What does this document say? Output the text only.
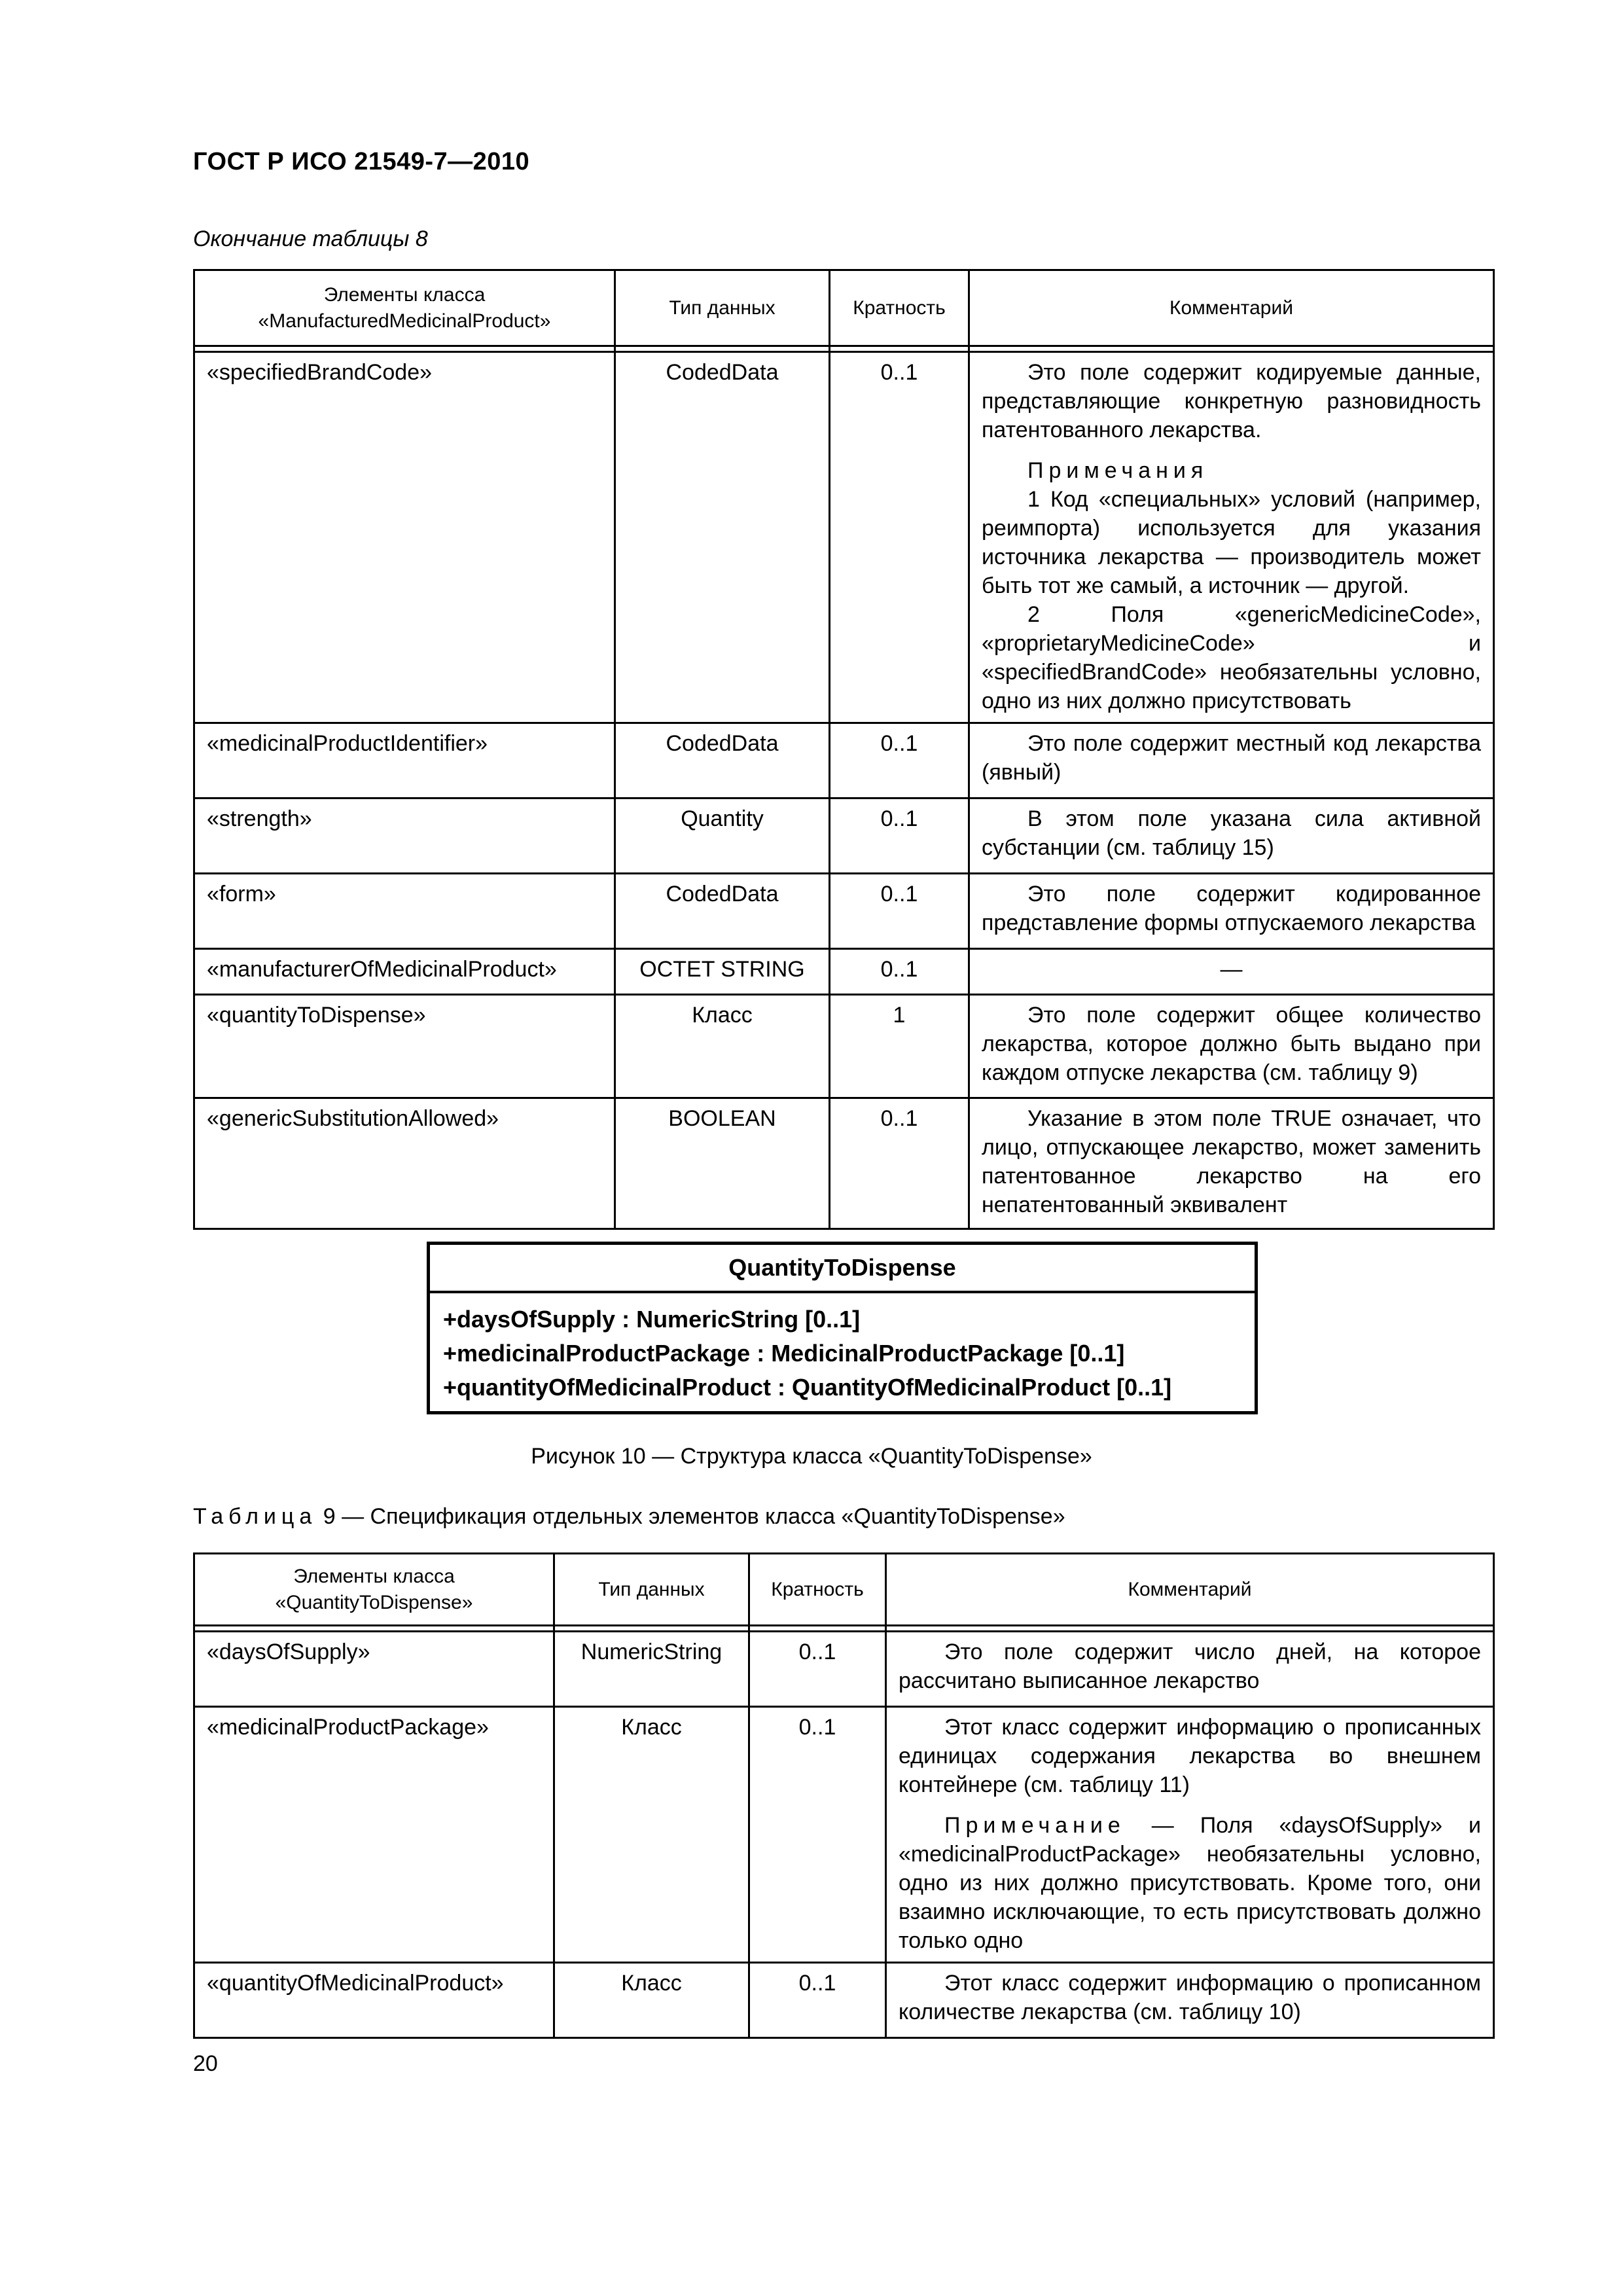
ГОСТ Р ИСО 21549-7—2010
Окончание таблицы 8
Элементы класса
«ManufacturedMedicinalProduct»	Тип данных	Кратность	Комментарий

«specifiedBrandCode»	CodedData	0..1	Это поле содержит кодируемые данные, представляющие конкретную разновидность патентованного лекарства.

Примечания

1 Код «специальных» условий (например, реимпорта) используется для указания источника лекарства — производитель может быть тот же самый, а источник — другой.

2 Поля «genericMedicineCode», «proprietaryMedicineCode» и «specifiedBrandCode» необязательны условно, одно из них должно присутствовать

«medicinalProductIdentifier»	CodedData	0..1	Это поле содержит местный код лекарства (явный)

«strength»	Quantity	0..1	В этом поле указана сила активной субстанции (см. таблицу 15)

«form»	CodedData	0..1	Это поле содержит кодированное представление формы отпускаемого лекарства

«manufacturerOfMedicinalProduct»	OCTET STRING	0..1	—
«quantityToDispense»	Класс	1	Это поле содержит общее количество лекарства, которое должно быть выдано при каждом отпуске лекарства (см. таблицу 9)

«genericSubstitutionAllowed»	BOOLEAN	0..1	Указание в этом поле TRUE означает, что лицо, отпускающее лекарство, может заменить патентованное лекарство на его непатентованный эквивалент

QuantityToDispense
+daysOfSupply : NumericString [0..1]
+medicinalProductPackage : MedicinalProductPackage [0..1]
+quantityOfMedicinalProduct : QuantityOfMedicinalProduct [0..1]
Рисунок 10 — Структура класса «QuantityToDispense»
Таблица 9 — Спецификация отдельных элементов класса «QuantityToDispense»
Элементы класса
«QuantityToDispense»	Тип данных	Кратность	Комментарий

«daysOfSupply»	NumericString	0..1	Это поле содержит число дней, на которое рассчитано выписанное лекарство

«medicinalProductPackage»	Класс	0..1	Этот класс содержит информацию о прописанных единицах содержания лекарства во внешнем контейнере (см. таблицу 11)

Примечание — Поля «daysOfSupply» и «medicinalProductPackage» необязательны условно, одно из них должно присутствовать. Кроме того, они взаимно исключающие, то есть присутствовать должно только одно

«quantityOfMedicinalProduct»	Класс	0..1	Этот класс содержит информацию о прописанном количестве лекарства (см. таблицу 10)

20
